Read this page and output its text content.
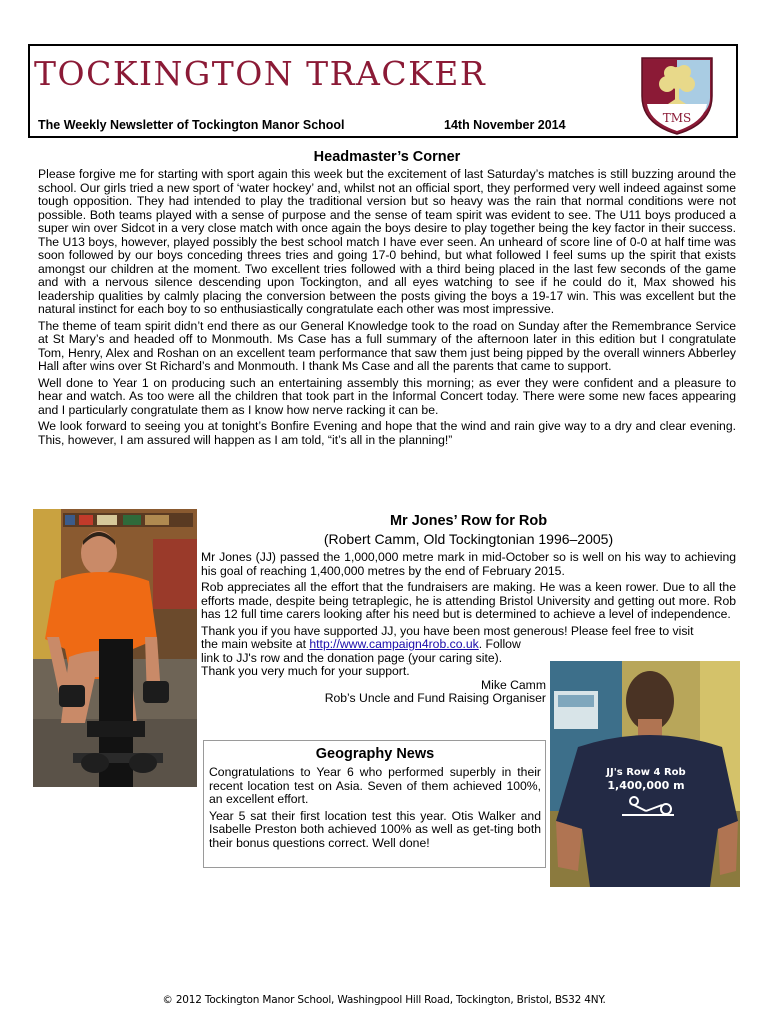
TOCKINGTON TRACKER
The Weekly Newsletter of Tockington Manor School	14th November 2014	TMS
Headmaster’s Corner

Please forgive me for starting with sport again this week but the excitement of last Saturday’s matches is still buzzing around the school. Our girls tried a new sport of ‘water hockey’ and, whilst not an official sport, they performed very well indeed against some tough opposition. They had intended to play the traditional version but so heavy was the rain that normal conditions were not possible. Both teams played with a sense of purpose and the sense of team spirit was evident to see. The U11 boys produced a super win over Sidcot in a very close match with once again the boys desire to play together being the key factor in their success. The U13 boys, however, played possibly the best school match I have ever seen. An unheard of score line of 0-0 at half time was soon followed by our boys conceding threes tries and going 17-0 behind, but what followed I feel sums up the spirit that exists amongst our children at the moment. Two excellent tries followed with a third being placed in the last few seconds of the game and with a nervous silence descending upon Tockington, and all eyes watching to see if he could do it, Max showed his leadership qualities by calmly placing the conversion between the posts giving the boys a 19-17 win. This was excellent but the natural instinct for each boy to so enthusiastically congratulate each other was most impressive.

The theme of team spirit didn’t end there as our General Knowledge took to the road on Sunday after the Remembrance Service at St Mary’s and headed off to Monmouth. Ms Case has a full summary of the afternoon later in this edition but I congratulate Tom, Henry, Alex and Roshan on an excellent team performance that saw them just being pipped by the overall winners Abberley Hall after wins over St Richard’s and Monmouth. I thank Ms Case and all the parents that came to support.

Well done to Year 1 on producing such an entertaining assembly this morning; as ever they were confident and a pleasure to hear and watch. As too were all the children that took part in the Informal Concert today. There were some new faces appearing and I particularly congratulate them as I know how nerve racking it can be.

We look forward to seeing you at tonight’s Bonfire Evening and hope that the wind and rain give way to a dry and clear evening. This, however, I am assured will happen as I am told, “it’s all in the planning!”

Mr Jones’ Row for Rob
(Robert Camm, Old Tockingtonian 1996–2005)

Mr Jones (JJ) passed the 1,000,000 metre mark in mid-October so is well on his way to achieving his goal of reaching 1,400,000 metres by the end of February 2015.

Rob appreciates all the effort that the fundraisers are making. He was a keen rower. Due to all the efforts made, despite being tetraplegic, he is attending Bristol University and getting out more. Rob has 12 full time carers looking after his need but is determined to achieve a level of independence.

Thank you if you have supported JJ, you have been most generous! Please feel free to visit

the main website at http://www.campaign4rob.co.uk. Follow

link to JJ's row and the donation page (your caring site).

Thank you very much for your support.

Mike Camm

Rob’s Uncle and Fund Raising Organiser

JJ's Row 4 Rob
1,400,000 m
Geography News

Congratulations to Year 6 who performed superbly in their recent location test on Asia. Seven of them achieved 100%, an excellent effort.

Year 5 sat their first location test this year. Otis Walker and Isabelle Preston both achieved 100% as well as get-ting both their bonus questions correct. Well done!

© 2012 Tockington Manor School, Washingpool Hill Road, Tockington, Bristol, BS32 4NY.
